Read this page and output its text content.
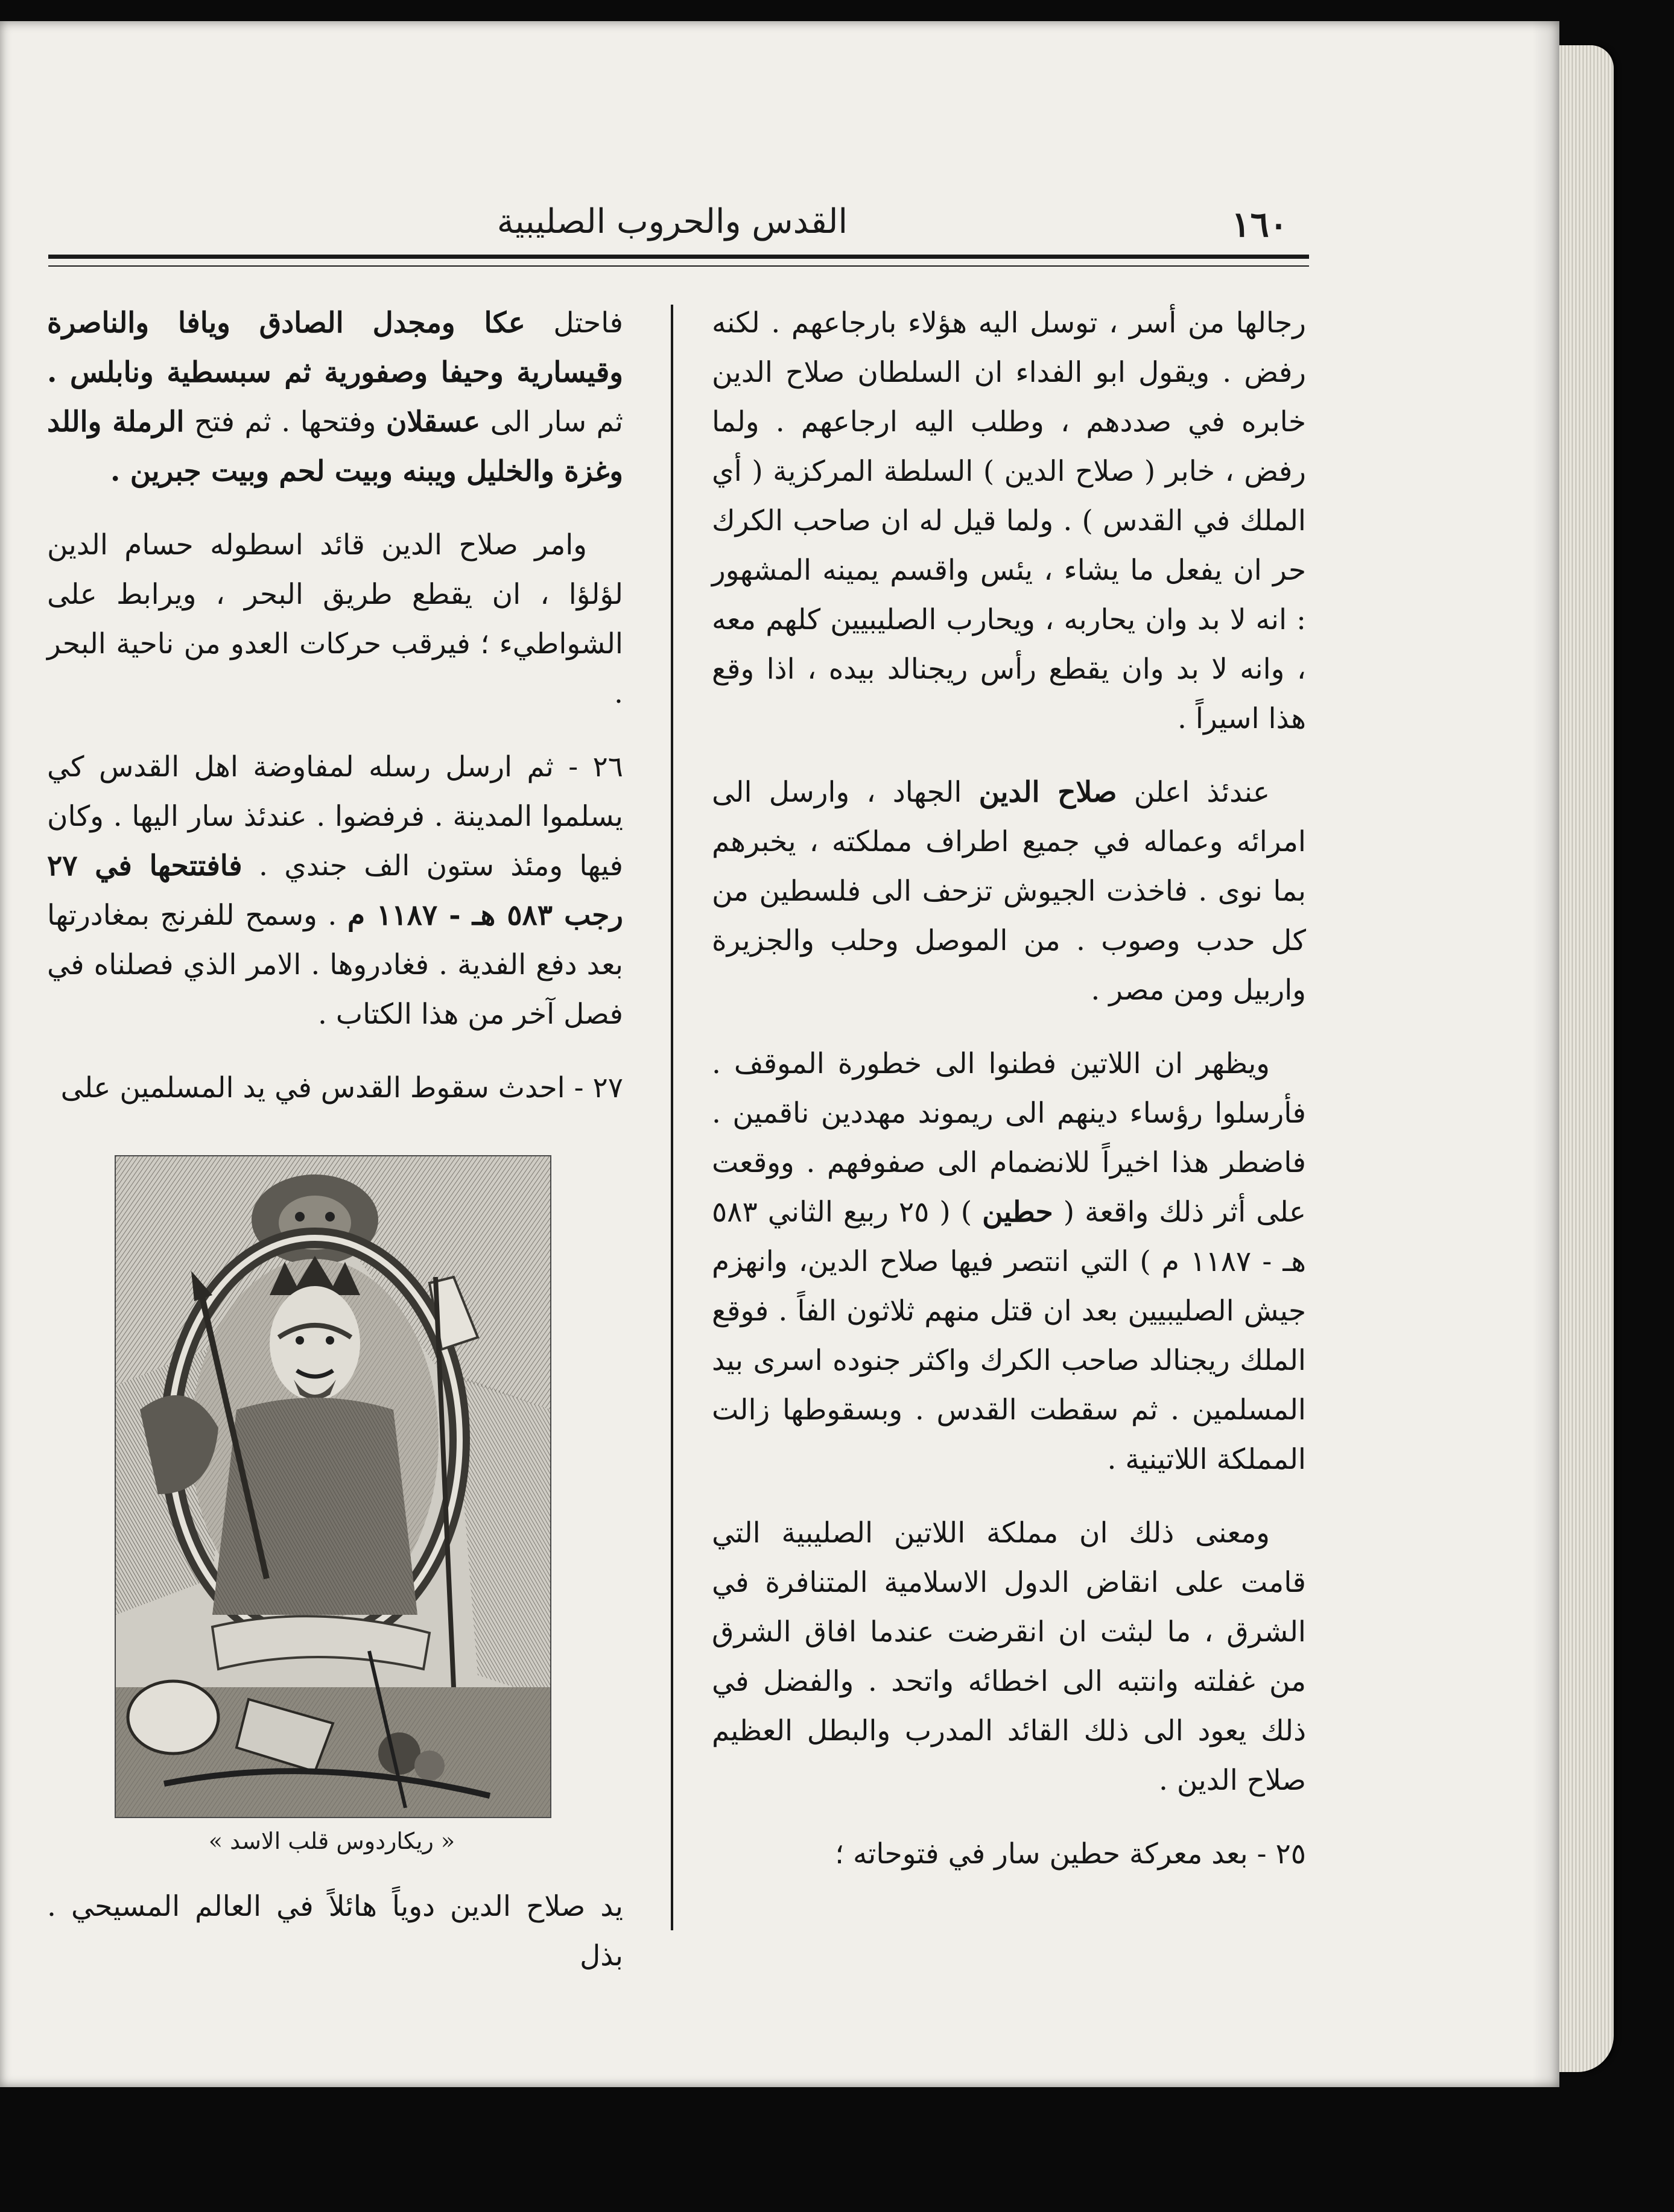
١٦٠
القدس والحروب الصليبية

رجالها من أسر ، توسل اليه هؤلاء بارجاعهم . لكنه رفض . ويقول ابو الفداء ان السلطان صلاح الدين خابره في صددهم ، وطلب اليه ارجاعهم . ولما رفض ، خابر ( صلاح الدين ) السلطة المركزية ( أي الملك في القدس ) . ولما قيل له ان صاحب الكرك حر ان يفعل ما يشاء ، يئس واقسم يمينه المشهور : انه لا بد وان يحاربه ، ويحارب الصليبيين كلهم معه ، وانه لا بد وان يقطع رأس ريجنالد بيده ، اذا وقع هذا اسيراً .

عندئذ اعلن صلاح الدين الجهاد ، وارسل الى امرائه وعماله في جميع اطراف مملكته ، يخبرهم بما نوى . فاخذت الجيوش تزحف الى فلسطين من كل حدب وصوب . من الموصل وحلب والجزيرة واربيل ومن مصر .

ويظهر ان اللاتين فطنوا الى خطورة الموقف . فأرسلوا رؤساء دينهم الى ريموند مهددين ناقمين . فاضطر هذا اخيراً للانضمام الى صفوفهم . ووقعت على أثر ذلك واقعة ( حطين ) ( ٢٥ ربيع الثاني ٥٨٣ هـ - ١١٨٧ م ) التي انتصر فيها صلاح الدين، وانهزم جيش الصليبيين بعد ان قتل منهم ثلاثون الفاً . فوقع الملك ريجنالد صاحب الكرك واكثر جنوده اسرى بيد المسلمين . ثم سقطت القدس . وبسقوطها زالت المملكة اللاتينية .

ومعنى ذلك ان مملكة اللاتين الصليبية التي قامت على انقاض الدول الاسلامية المتنافرة في الشرق ، ما لبثت ان انقرضت عندما افاق الشرق من غفلته وانتبه الى اخطائه واتحد . والفضل في ذلك يعود الى ذلك القائد المدرب والبطل العظيم صلاح الدين .

٢٥ - بعد معركة حطين سار في فتوحاته ؛

فاحتل عكا ومجدل الصادق ويافا والناصرة وقيسارية وحيفا وصفورية ثم سبسطية ونابلس . ثم سار الى عسقلان وفتحها . ثم فتح الرملة واللد وغزة والخليل ويبنه وبيت لحم وبيت جبرين .

وامر صلاح الدين قائد اسطوله حسام الدين لؤلؤا ، ان يقطع طريق البحر ، ويرابط على الشواطيء ؛ فيرقب حركات العدو من ناحية البحر .

٢٦ - ثم ارسل رسله لمفاوضة اهل القدس كي يسلموا المدينة . فرفضوا . عندئذ سار اليها . وكان فيها ومئذ ستون الف جندي . فافتتحها في ٢٧ رجب ٥٨٣ هـ - ١١٨٧ م . وسمح للفرنج بمغادرتها بعد دفع الفدية . فغادروها . الامر الذي فصلناه في فصل آخر من هذا الكتاب .

٢٧ - احدث سقوط القدس في يد المسلمين على

« ريكاردوس قلب الاسد »
يد صلاح الدين دوياً هائلاً في العالم المسيحي . بذل
